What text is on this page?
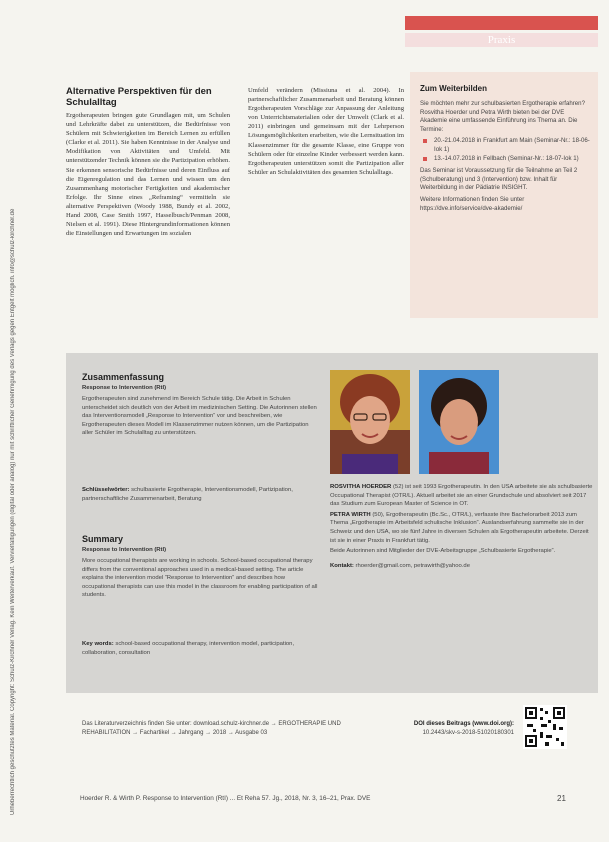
Urheberrechtlich geschütztes Material. Copyright: Schulz-Kirchner Verlag. Kein Weiterverkauf. Vervielfältigungen (digital oder analog) nur mit schriftlicher Genehmigung des Verlags gegen Entgelt möglich. info@schulz-kirchner.de
Praxis
Alternative Perspektiven für den Schulalltag
Ergotherapeuten bringen gute Grundlagen mit, um Schulen und Lehrkräfte dabei zu unterstützen, die Bedürfnisse von Schülern mit Schwierigkeiten im Bereich Lernen zu erfüllen (Clarke et al. 2011). Sie haben Kenntnisse in der Analyse und Modifikation von Aktivitäten und Umfeld. Mit unterstützender Technik können sie die Partizipation erhöhen. Sie erkennen sensorische Bedürfnisse und deren Einfluss auf die Eigenregulation und das Lernen und wissen um den Zusammenhang motorischer Fertigkeiten und akademischer Erfolge. Ihr Sinne eines „Reframing“ vermitteln sie alternative Perspektiven (Woody 1988, Bundy et al. 2002, Hand 2008, Case Smith 1997, Hasselbusch/Penman 2008, Nielsen et al. 1991). Diese Hintergrundinformationen können die Einstellungen und Erwartungen im sozialen
Umfeld verändern (Missiuna et al. 2004). In partnerschaftlicher Zusammenarbeit und Beratung können Ergotherapeuten Vorschläge zur Anpassung der Anleitung von Unterrichtsmaterialien oder der Umwelt (Clark et al. 2011) einbringen und gemeinsam mit der Lehrperson Lösungsmöglichkeiten erarbeiten, wie die Lernsituation im Klassenzimmer für die gesamte Klasse, eine Gruppe von Schülern oder für einzelne Kinder verbessert werden kann. Ergotherapeuten unterstützen somit die Partizipation aller Schüler an Schulaktivitäten des gesamten Schulalltags.
Zum Weiterbilden

Sie möchten mehr zur schulbasierten Ergotherapie erfahren? Rosvitha Hoerder und Petra Wirth bieten bei der DVE Akademie eine umfassende Einführung ins Thema an. Die Termine:

20.-21.04.2018 in Frankfurt am Main (Seminar-Nr.: 18-06-Iok 1)
13.-14.07.2018 in Fellbach (Seminar-Nr.: 18-07-Iok 1)

Das Seminar ist Voraussetzung für die Teilnahme an Teil 2 (Schulberatung) und 3 (Intervention) bzw. Inhalt für Weiterbildung in der Pädiatrie INSIGHT.

Weitere Informationen finden Sie unter https://dve.info/service/dve-akademie/

Zusammenfassung
Response to Intervention (RtI)
Ergotherapeuten sind zunehmend im Bereich Schule tätig. Die Arbeit in Schulen unterscheidet sich deutlich von der Arbeit im medizinischen Setting. Die Autorinnen stellen das Interventionsmodell „Response to Intervention“ vor und beschreiben, wie Ergotherapeuten dieses Modell im Klassenzimmer nutzen können, um die Partizipation aller Schüler im Schulalltag zu unterstützen.
Schlüsselwörter: schulbasierte Ergotherapie, Interventionsmodell, Partizipation, partnerschaftliche Zusammenarbeit, Beratung
Summary
Response to Intervention (RtI)
More occupational therapists are working in schools. School-based occupational therapy differs from the conventional approaches used in a medical-based setting. The article explains the intervention model “Response to Intervention” and describes how occupational therapists can use this model in the classroom for enabling participation of all students.
Key words: school-based occupational therapy, intervention model, participation, collaboration, consultation

ROSVITHA HOERDER (52) ist seit 1993 Ergotherapeutin. In den USA arbeitete sie als schulbasierte Occupational Therapist (OTR/L). Aktuell arbeitet sie an einer Grundschule und absolviert seit 2017 das Studium zum European Master of Science in OT.

PETRA WIRTH (50), Ergotherapeutin (Bc.Sc., OTR/L), verfasste ihre Bachelorarbeit 2013 zum Thema „Ergotherapie im Arbeitsfeld schulische Inklusion“. Auslandserfahrung sammelte sie in der Schweiz und den USA, wo sie fünf Jahre in diversen Schulen als Ergotherapeutin arbeitete. Derzeit ist sie in einer Praxis in Frankfurt tätig.

Beide Autorinnen sind Mitglieder der DVE-Arbeitsgruppe „Schulbasierte Ergotherapie“.

Kontakt: rhoerder@gmail.com, petrawirth@yahoo.de

Das Literaturverzeichnis finden Sie unter: download.schulz-kirchner.de → ERGOTHERAPIE UND REHABILITATION → Fachartikel → Jahrgang → 2018 → Ausgabe 03
DOI dieses Beitrags (www.doi.org):
10.2443/skv-s-2018-51020180301
Hoerder R. & Wirth P. Response to Intervention (RtI) ... Et Reha 57. Jg., 2018, Nr. 3, 16–21, Prax. DVE	21
